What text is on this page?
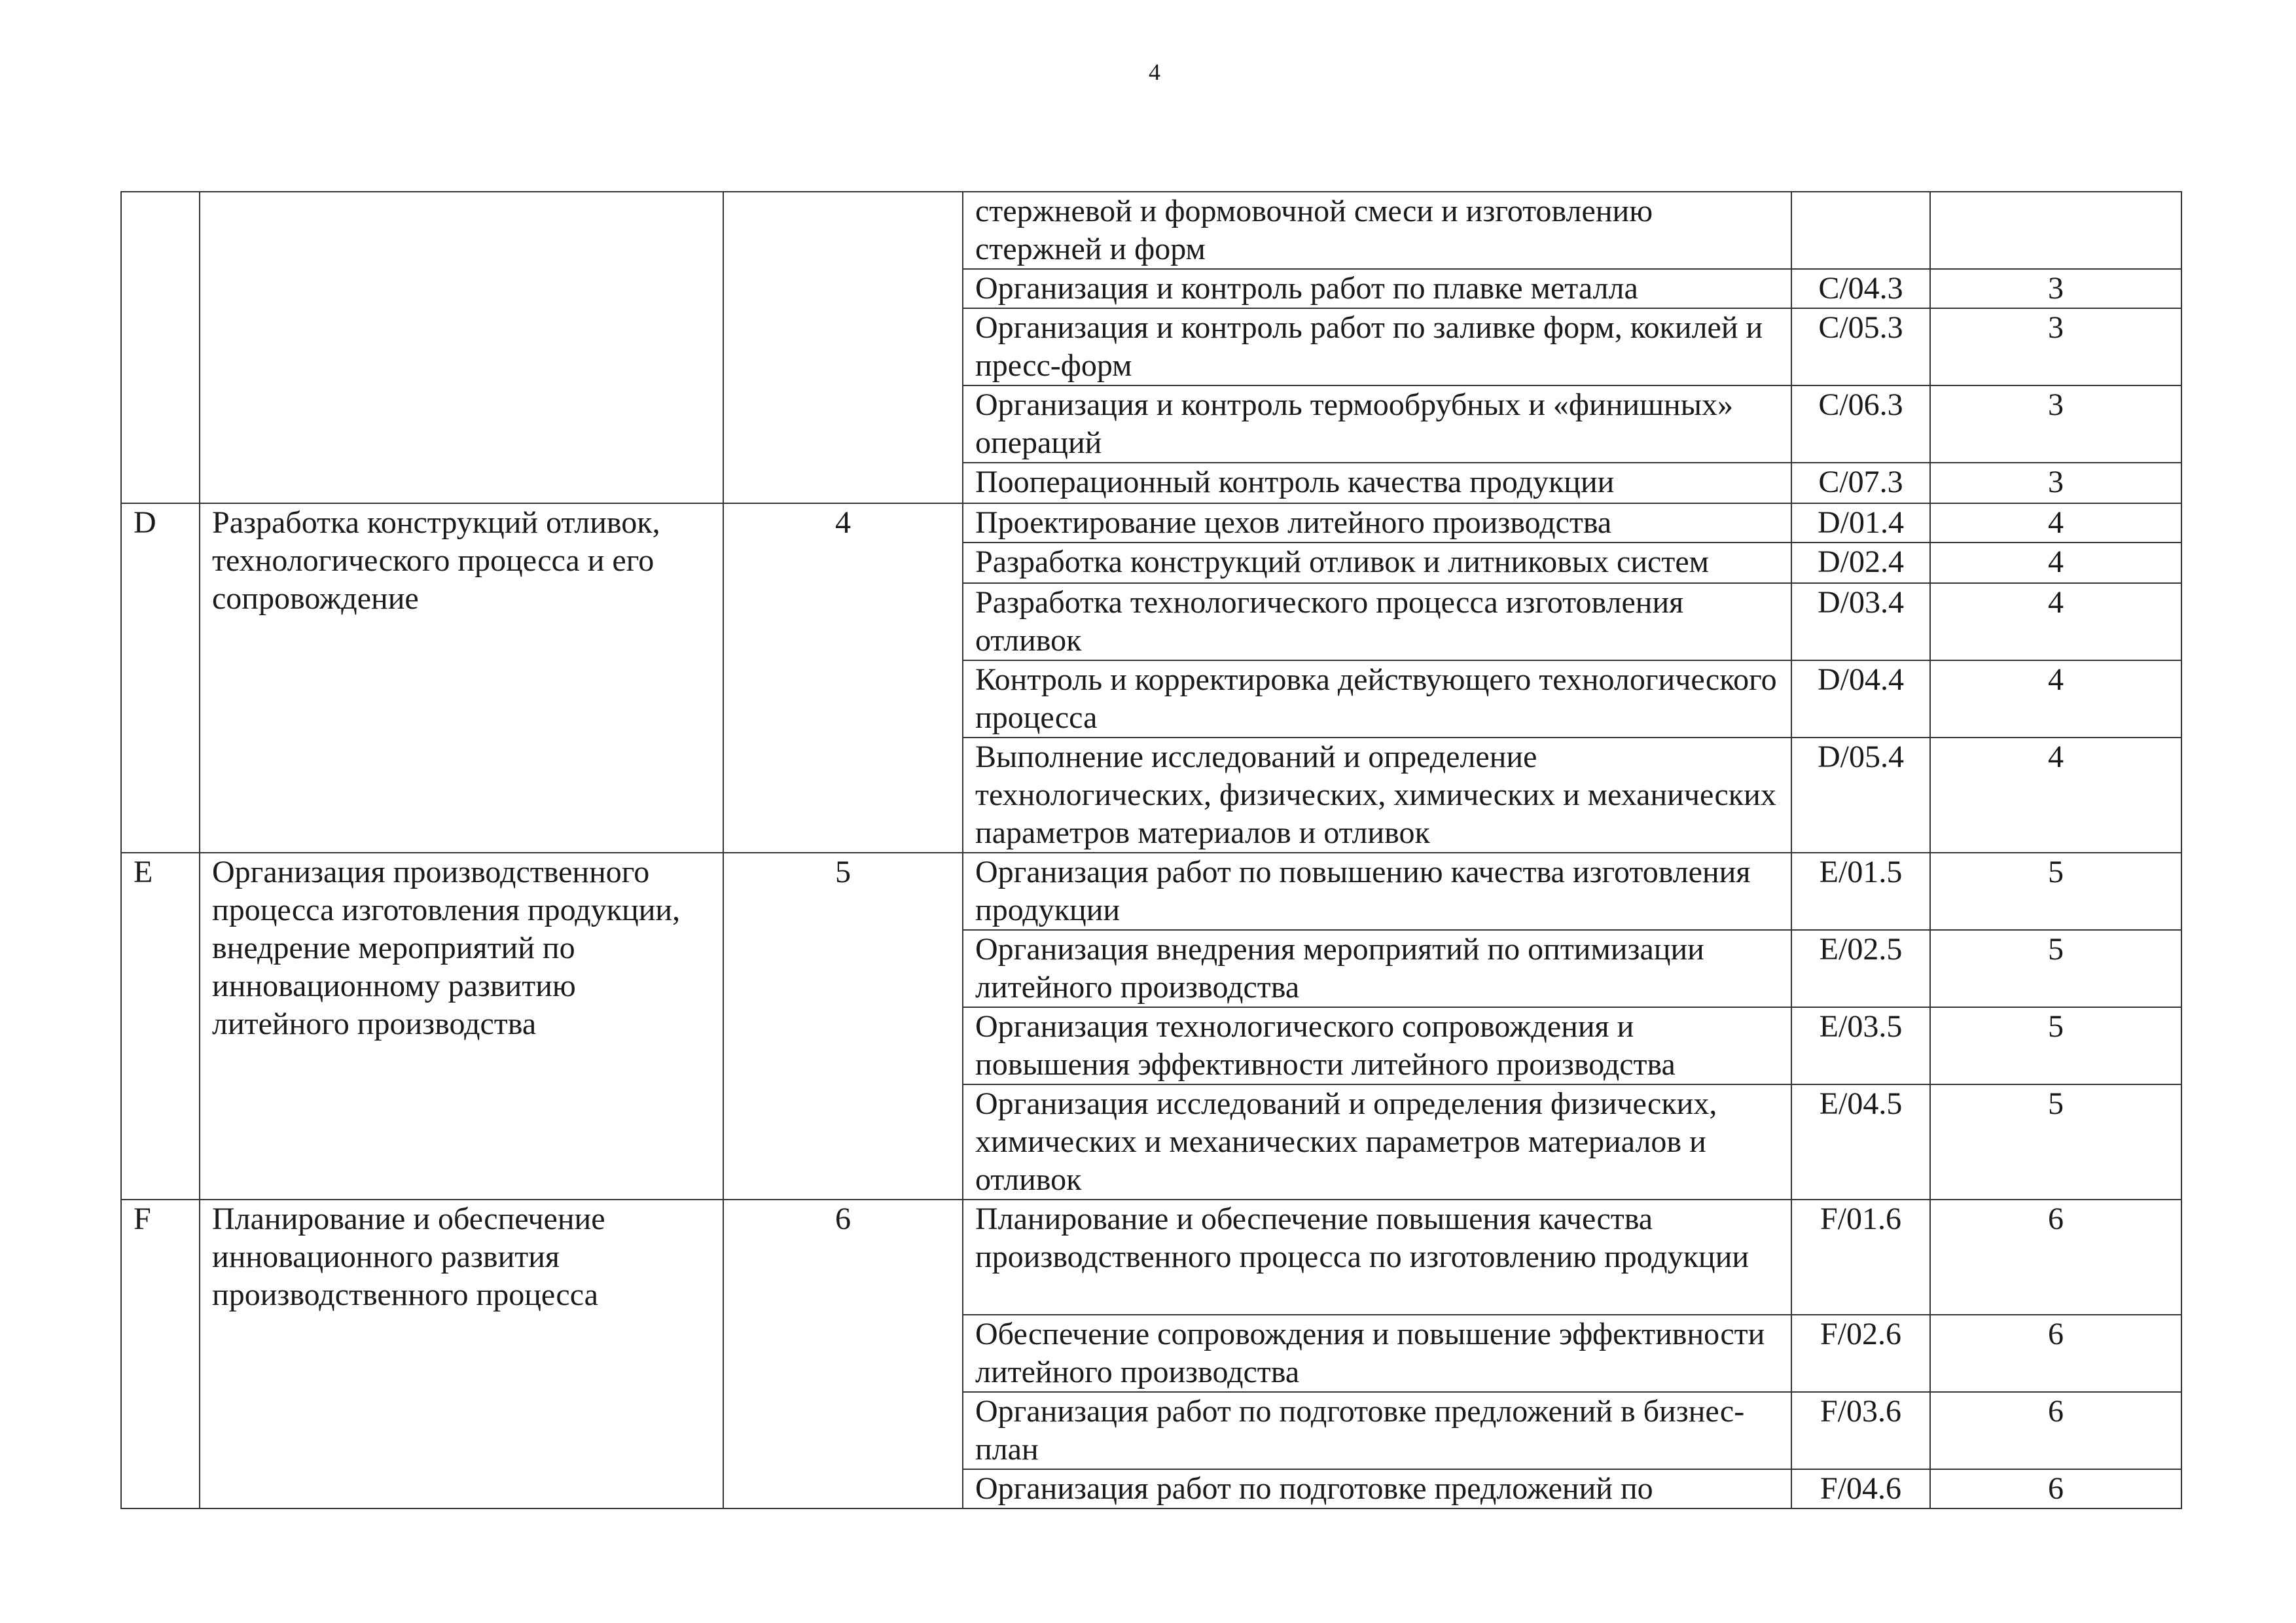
4
			стержневой и формовочной смеси и изготовлению стержней и форм		
			Организация и контроль работ по плавке металла	C/04.3	3
			Организация и контроль работ по заливке форм, кокилей и пресс-форм	C/05.3	3
			Организация и контроль термообрубных и «финишных» операций	C/06.3	3
			Пооперационный контроль качества продукции	C/07.3	3
D	Разработка конструкций отливок, технологического процесса и его сопровождение	4	Проектирование цехов литейного производства	D/01.4	4
			Разработка конструкций отливок и литниковых систем	D/02.4	4
			Разработка технологического процесса изготовления отливок	D/03.4	4
			Контроль и корректировка действующего технологического процесса	D/04.4	4
			Выполнение исследований и определение технологических, физических, химических и механических параметров материалов и отливок	D/05.4	4
E	Организация производственного процесса изготовления продукции, внедрение мероприятий по инновационному развитию литейного производства	5	Организация работ по повышению качества изготовления продукции	E/01.5	5
			Организация внедрения мероприятий по оптимизации литейного производства	E/02.5	5
			Организация технологического сопровождения и повышения эффективности литейного производства	E/03.5	5
			Организация исследований и определения физических, химических и механических параметров материалов и отливок	E/04.5	5
F	Планирование и обеспечение инновационного развития производственного процесса	6	Планирование и обеспечение повышения качества производственного процесса по изготовлению продукции	F/01.6	6
			Обеспечение сопровождения и повышение эффективности литейного производства	F/02.6	6
			Организация работ по подготовке предложений в бизнес-план	F/03.6	6
			Организация работ по подготовке предложений по	F/04.6	6
